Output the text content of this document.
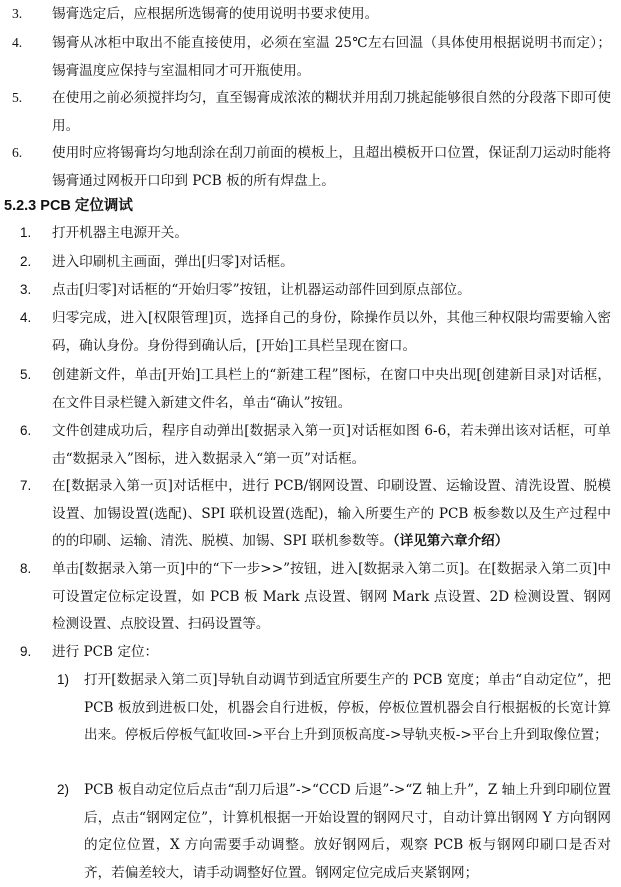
3. 锡膏选定后，应根据所选锡膏的使用说明书要求使用。
4. 锡膏从冰柜中取出不能直接使用，必须在室温 25℃左右回温（具体使用根据说明书而定）；锡膏温度应保持与室温相同才可开瓶使用。
5. 在使用之前必须搅拌均匀，直至锡膏成浓浓的糊状并用刮刀挑起能够很自然的分段落下即可使用。
6. 使用时应将锡膏均匀地刮涂在刮刀前面的模板上，且超出模板开口位置，保证刮刀运动时能将锡膏通过网板开口印到 PCB 板的所有焊盘上。
5.2.3 PCB 定位调试
1. 打开机器主电源开关。
2. 进入印刷机主画面，弹出[归零]对话框。
3. 点击[归零]对话框的“开始归零”按钮，让机器运动部件回到原点部位。
4. 归零完成，进入[权限管理]页，选择自己的身份，除操作员以外，其他三种权限均需要输入密码，确认身份。身份得到确认后，[开始]工具栏呈现在窗口。
5. 创建新文件，单击[开始]工具栏上的“新建工程”图标，在窗口中央出现[创建新目录]对话框，在文件目录栏键入新建文件名，单击“确认”按钮。
6. 文件创建成功后，程序自动弹出[数据录入第一页]对话框如图 6-6，若未弹出该对话框，可单击“数据录入”图标，进入数据录入“第一页”对话框。
7. 在[数据录入第一页]对话框中，进行 PCB/钢网设置、印刷设置、运输设置、清洗设置、脱模设置、加锡设置(选配)、SPI 联机设置(选配)，输入所要生产的 PCB 板参数以及生产过程中的的印刷、运输、清洗、脱模、加锡、SPI 联机参数等。（详见第六章介绍）
8. 单击[数据录入第一页]中的“下一步>>”按钮，进入[数据录入第二页]。在[数据录入第二页]中可设置定位标定设置，如 PCB 板 Mark 点设置、钢网 Mark 点设置、2D 检测设置、钢网检测设置、点胶设置、扫码设置等。
9. 进行 PCB 定位：
1) 打开[数据录入第二页]导轨自动调节到适宜所要生产的 PCB 宽度；单击“自动定位”，把 PCB 板放到进板口处，机器会自行进板，停板，停板位置机器会自行根据板的长宽计算出来。停板后停板气缸收回->平台上升到顶板高度->导轨夹板->平台上升到取像位置；
2) PCB 板自动定位后点击“刮刀后退”->“CCD 后退”->“Z 轴上升”，Z 轴上升到印刷位置后，点击“钢网定位”，计算机根据一开始设置的钢网尺寸，自动计算出钢网 Y 方向钢网的定位位置，X 方向需要手动调整。放好钢网后，观察 PCB 板与钢网印刷口是否对齐，若偏差较大，请手动调整好位置。钢网定位完成后夹紧钢网；
